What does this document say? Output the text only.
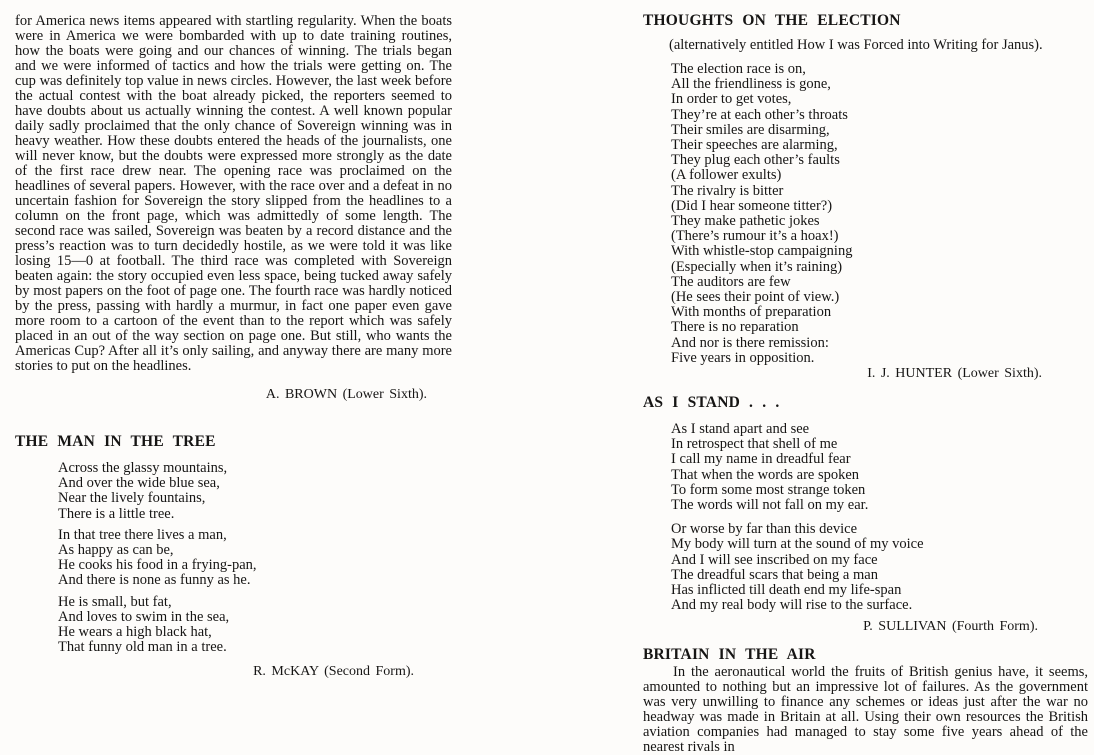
for America news items appeared with startling regularity. When the boats were in America we were bombarded with up to date training routines, how the boats were going and our chances of winning. The trials began and we were informed of tactics and how the trials were getting on. The cup was definitely top value in news circles. However, the last week before the actual contest with the boat already picked, the reporters seemed to have doubts about us actually winning the contest. A well known popular daily sadly proclaimed that the only chance of Sovereign winning was in heavy weather. How these doubts entered the heads of the journalists, one will never know, but the doubts were expressed more strongly as the date of the first race drew near. The opening race was proclaimed on the headlines of several papers. However, with the race over and a defeat in no uncertain fashion for Sovereign the story slipped from the headlines to a column on the front page, which was admittedly of some length. The second race was sailed, Sovereign was beaten by a record distance and the press’s reaction was to turn decidedly hostile, as we were told it was like losing 15—0 at football. The third race was completed with Sovereign beaten again: the story occupied even less space, being tucked away safely by most papers on the foot of page one. The fourth race was hardly noticed by the press, passing with hardly a murmur, in fact one paper even gave more room to a cartoon of the event than to the report which was safely placed in an out of the way section on page one. But still, who wants the Americas Cup? After all it’s only sailing, and anyway there are many more stories to put on the headlines.

A. BROWN (Lower Sixth).
THE MAN IN THE TREE
Across the glassy mountains,
And over the wide blue sea,
Near the lively fountains,
There is a little tree.
In that tree there lives a man,
As happy as can be,
He cooks his food in a frying-pan,
And there is none as funny as he.
He is small, but fat,
And loves to swim in the sea,
He wears a high black hat,
That funny old man in a tree.
R. McKAY (Second Form).
THOUGHTS ON THE ELECTION

(alternatively entitled How I was Forced into Writing for Janus).

The election race is on,
All the friendliness is gone,
In order to get votes,
They’re at each other’s throats
Their smiles are disarming,
Their speeches are alarming,
They plug each other’s faults
(A follower exults)
The rivalry is bitter
(Did I hear someone titter?)
They make pathetic jokes
(There’s rumour it’s a hoax!)
With whistle-stop campaigning
(Especially when it’s raining)
The auditors are few
(He sees their point of view.)
With months of preparation
There is no reparation
And nor is there remission:
Five years in opposition.
I. J. HUNTER (Lower Sixth).
AS I STAND . . .
As I stand apart and see
In retrospect that shell of me
I call my name in dreadful fear
That when the words are spoken
To form some most strange token
The words will not fall on my ear.
Or worse by far than this device
My body will turn at the sound of my voice
And I will see inscribed on my face
The dreadful scars that being a man
Has inflicted till death end my life-span
And my real body will rise to the surface.
P. SULLIVAN (Fourth Form).
BRITAIN IN THE AIR

In the aeronautical world the fruits of British genius have, it seems, amounted to nothing but an impressive lot of failures. As the government was very unwilling to finance any schemes or ideas just after the war no headway was made in Britain at all. Using their own resources the British aviation companies had managed to stay some five years ahead of the nearest rivals in
